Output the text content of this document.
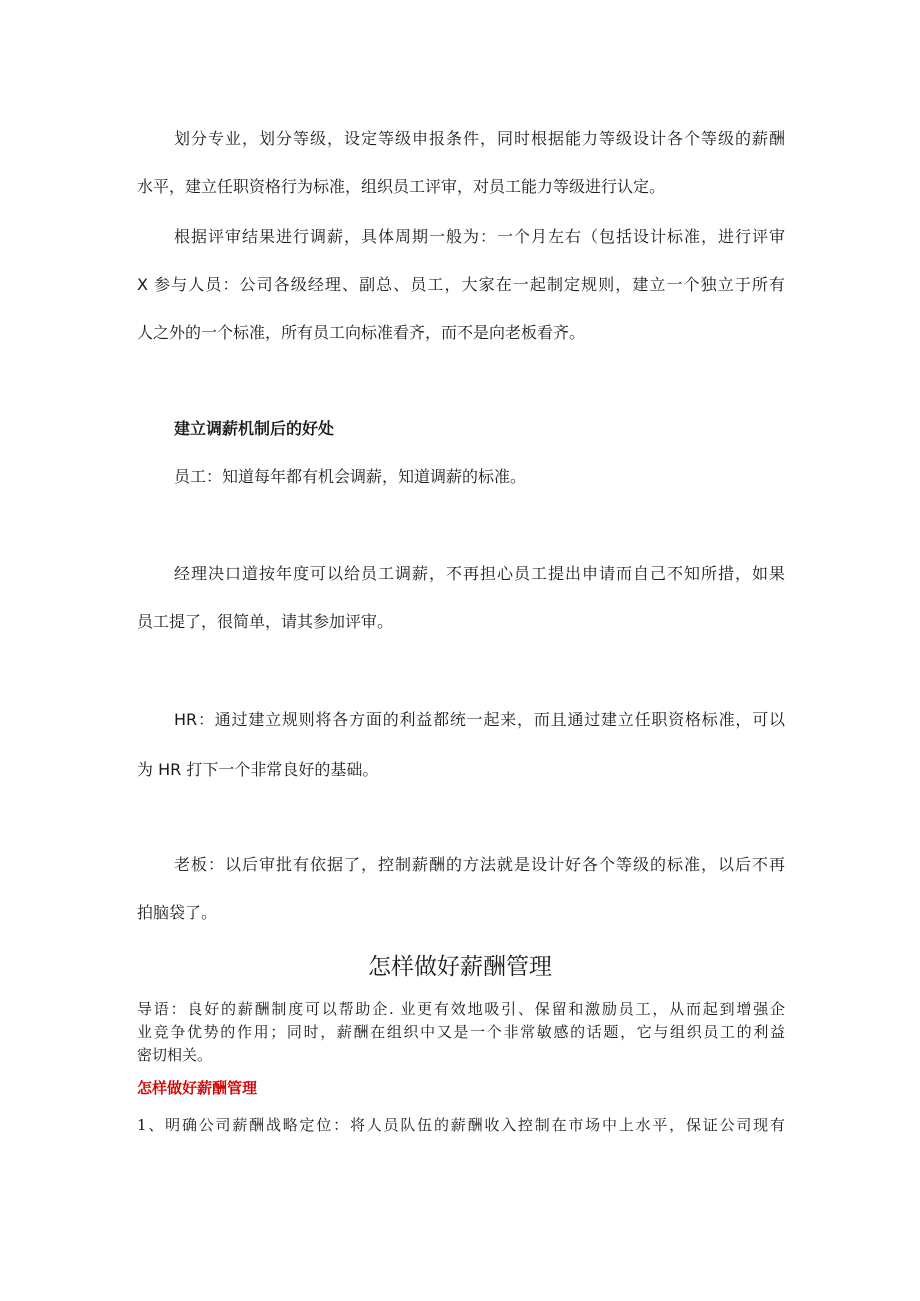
划分专业，划分等级，设定等级申报条件，同时根据能力等级设计各个等级的薪酬
水平，建立任职资格行为标准，组织员工评审，对员工能力等级进行认定。
根据评审结果进行调薪，具体周期一般为：一个月左右（包括设计标准，进行评审
X 参与人员：公司各级经理、副总、员工，大家在一起制定规则，建立一个独立于所有
人之外的一个标准，所有员工向标准看齐，而不是向老板看齐。
建立调薪机制后的好处
员工：知道每年都有机会调薪，知道调薪的标准。
经理决口道按年度可以给员工调薪，不再担心员工提出申请而自己不知所措，如果
员工提了，很简单，请其参加评审。
HR：通过建立规则将各方面的利益都统一起来，而且通过建立任职资格标准，可以
为 HR 打下一个非常良好的基础。
老板：以后审批有依据了，控制薪酬的方法就是设计好各个等级的标准，以后不再
拍脑袋了。
怎样做好薪酬管理
导语：良好的薪酬制度可以帮助企. 业更有效地吸引、保留和激励员工，从而起到增强企
业竞争优势的作用；同时，薪酬在组织中又是一个非常敏感的话题，它与组织员工的利益
密切相关。
怎样做好薪酬管理
1、明确公司薪酬战略定位：将人员队伍的薪酬收入控制在市场中上水平，保证公司现有
